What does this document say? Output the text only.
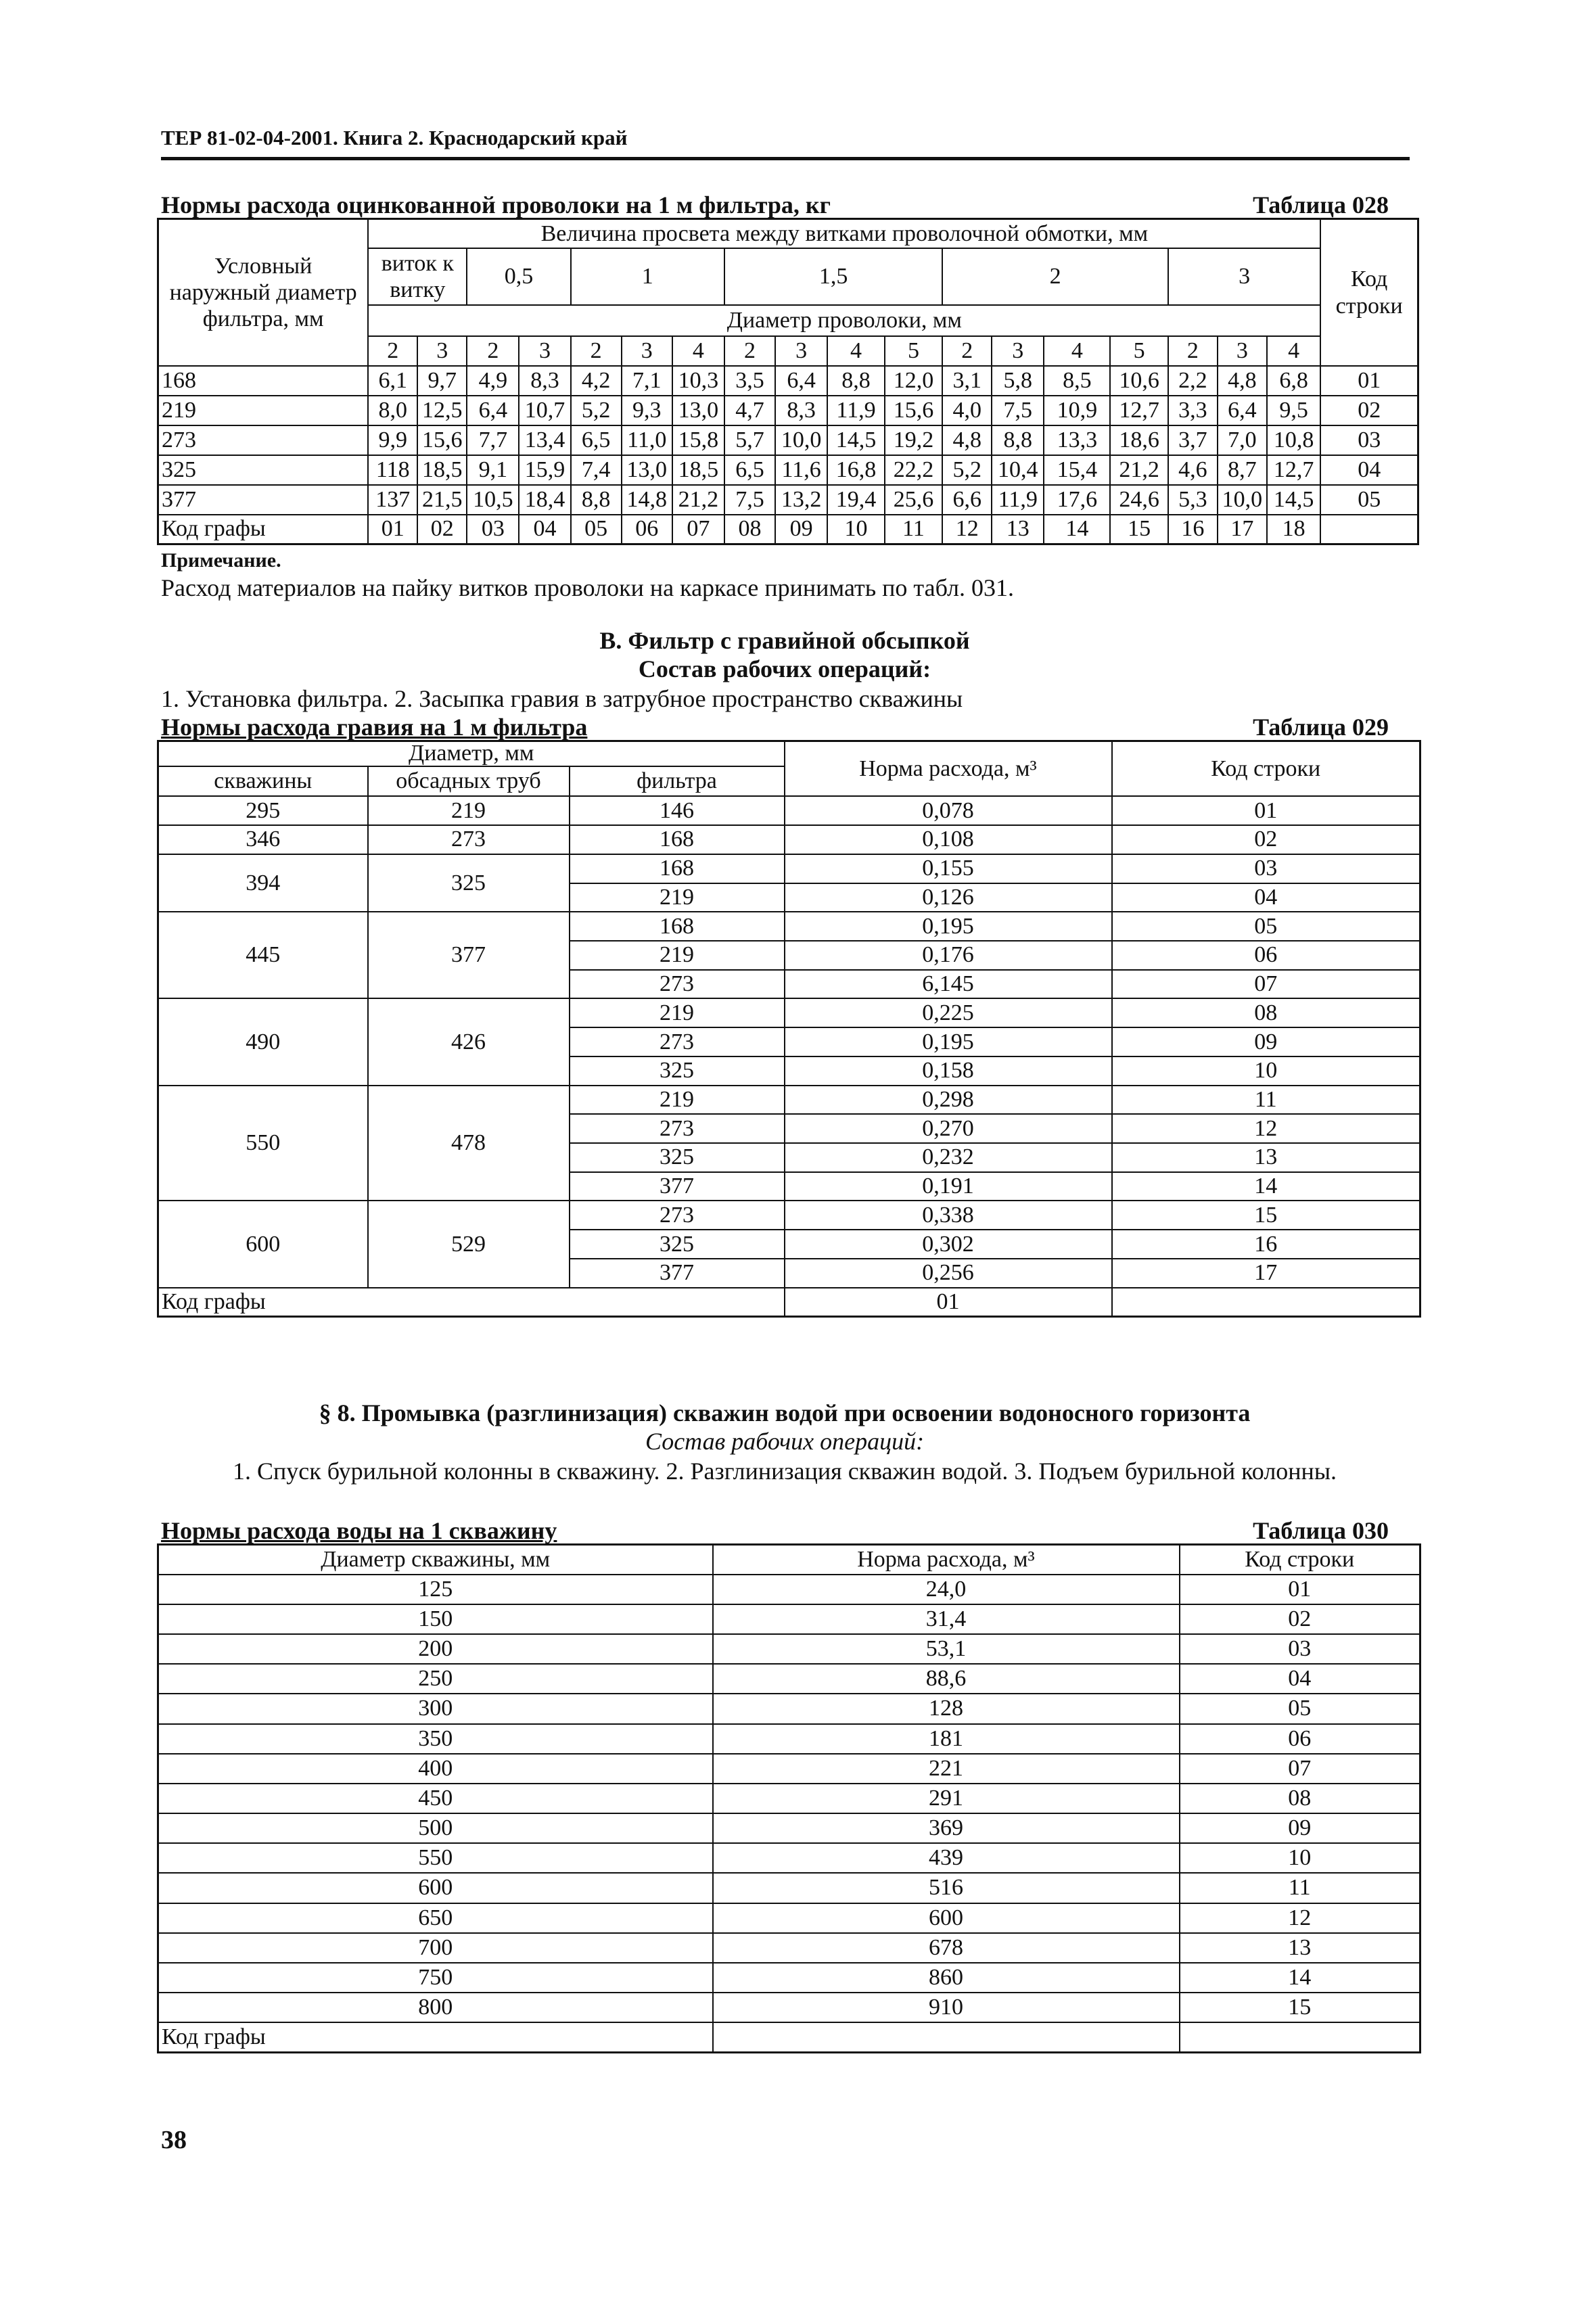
ТЕР 81-02-04-2001. Книга 2. Краснодарский край
Нормы расхода оцинкованной проволоки на 1 м фильтра, кг	Таблица 028
Условный наружный диаметр фильтра, мм	Величина просвета между витками проволочной обмотки, мм																		Код строки
	виток к витку		0,5		1			1,5				2				3			
	Диаметр проволоки, мм																		
	2	3	2	3	2	3	4	2	3	4	5	2	3	4	5	2	3	4	
168	6,1	9,7	4,9	8,3	4,2	7,1	10,3	3,5	6,4	8,8	12,0	3,1	5,8	8,5	10,6	2,2	4,8	6,8	01
219	8,0	12,5	6,4	10,7	5,2	9,3	13,0	4,7	8,3	11,9	15,6	4,0	7,5	10,9	12,7	3,3	6,4	9,5	02
273	9,9	15,6	7,7	13,4	6,5	11,0	15,8	5,7	10,0	14,5	19,2	4,8	8,8	13,3	18,6	3,7	7,0	10,8	03
325	118	18,5	9,1	15,9	7,4	13,0	18,5	6,5	11,6	16,8	22,2	5,2	10,4	15,4	21,2	4,6	8,7	12,7	04
377	137	21,5	10,5	18,4	8,8	14,8	21,2	7,5	13,2	19,4	25,6	6,6	11,9	17,6	24,6	5,3	10,0	14,5	05
Код графы	01	02	03	04	05	06	07	08	09	10	11	12	13	14	15	16	17	18	
Примечание.
Расход материалов на пайку витков проволоки на каркасе принимать по табл. 031.
В. Фильтр с гравийной обсыпкой
Состав рабочих операций:
1. Установка фильтра. 2. Засыпка гравия в затрубное пространство скважины
Нормы расхода гравия на 1 м фильтра	Таблица 029
Диаметр, мм			Норма расхода, м³	Код строки
скважины	обсадных труб	фильтра		
295	219	146	0,078	01
346	273	168	0,108	02
394	325	168	0,155	03
		219	0,126	04
445	377	168	0,195	05
		219	0,176	06
		273	6,145	07
490	426	219	0,225	08
		273	0,195	09
		325	0,158	10
550	478	219	0,298	11
		273	0,270	12
		325	0,232	13
		377	0,191	14
600	529	273	0,338	15
		325	0,302	16
		377	0,256	17
Код графы			01	
§ 8. Промывка (разглинизация) скважин водой при освоении водоносного горизонта
Состав рабочих операций:
1. Спуск бурильной колонны в скважину. 2. Разглинизация скважин водой. 3. Подъем бурильной колонны.
Нормы расхода воды на 1 скважину	Таблица 030
Диаметр скважины, мм	Норма расхода, м³	Код строки
125	24,0	01
150	31,4	02
200	53,1	03
250	88,6	04
300	128	05
350	181	06
400	221	07
450	291	08
500	369	09
550	439	10
600	516	11
650	600	12
700	678	13
750	860	14
800	910	15
Код графы		
38
